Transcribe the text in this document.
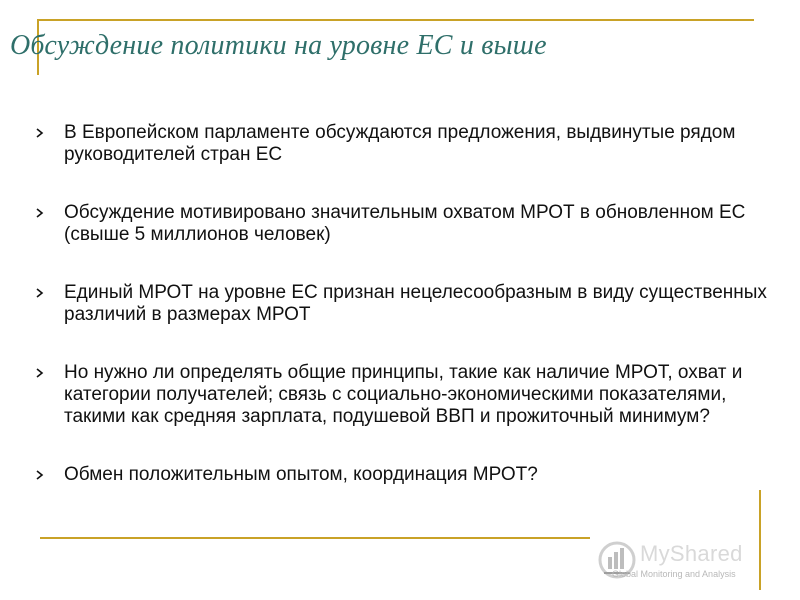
Обсуждение политики на уровне ЕС и выше
В Европейском парламенте обсуждаются предложения, выдвинутые рядом руководителей стран ЕС
Обсуждение мотивировано значительным охватом МРОТ в обновленном ЕС (свыше 5 миллионов человек)
Единый МРОТ на уровне ЕС признан нецелесообразным в виду существенных различий в размерах МРОТ
Но нужно ли определять общие принципы, такие как наличие МРОТ, охват и категории получателей; связь с социально-экономическими показателями, такими как средняя зарплата, подушевой ВВП и прожиточный минимум?
Обмен положительным опытом, координация МРОТ?
MyShared
Global Monitoring and Analysis
